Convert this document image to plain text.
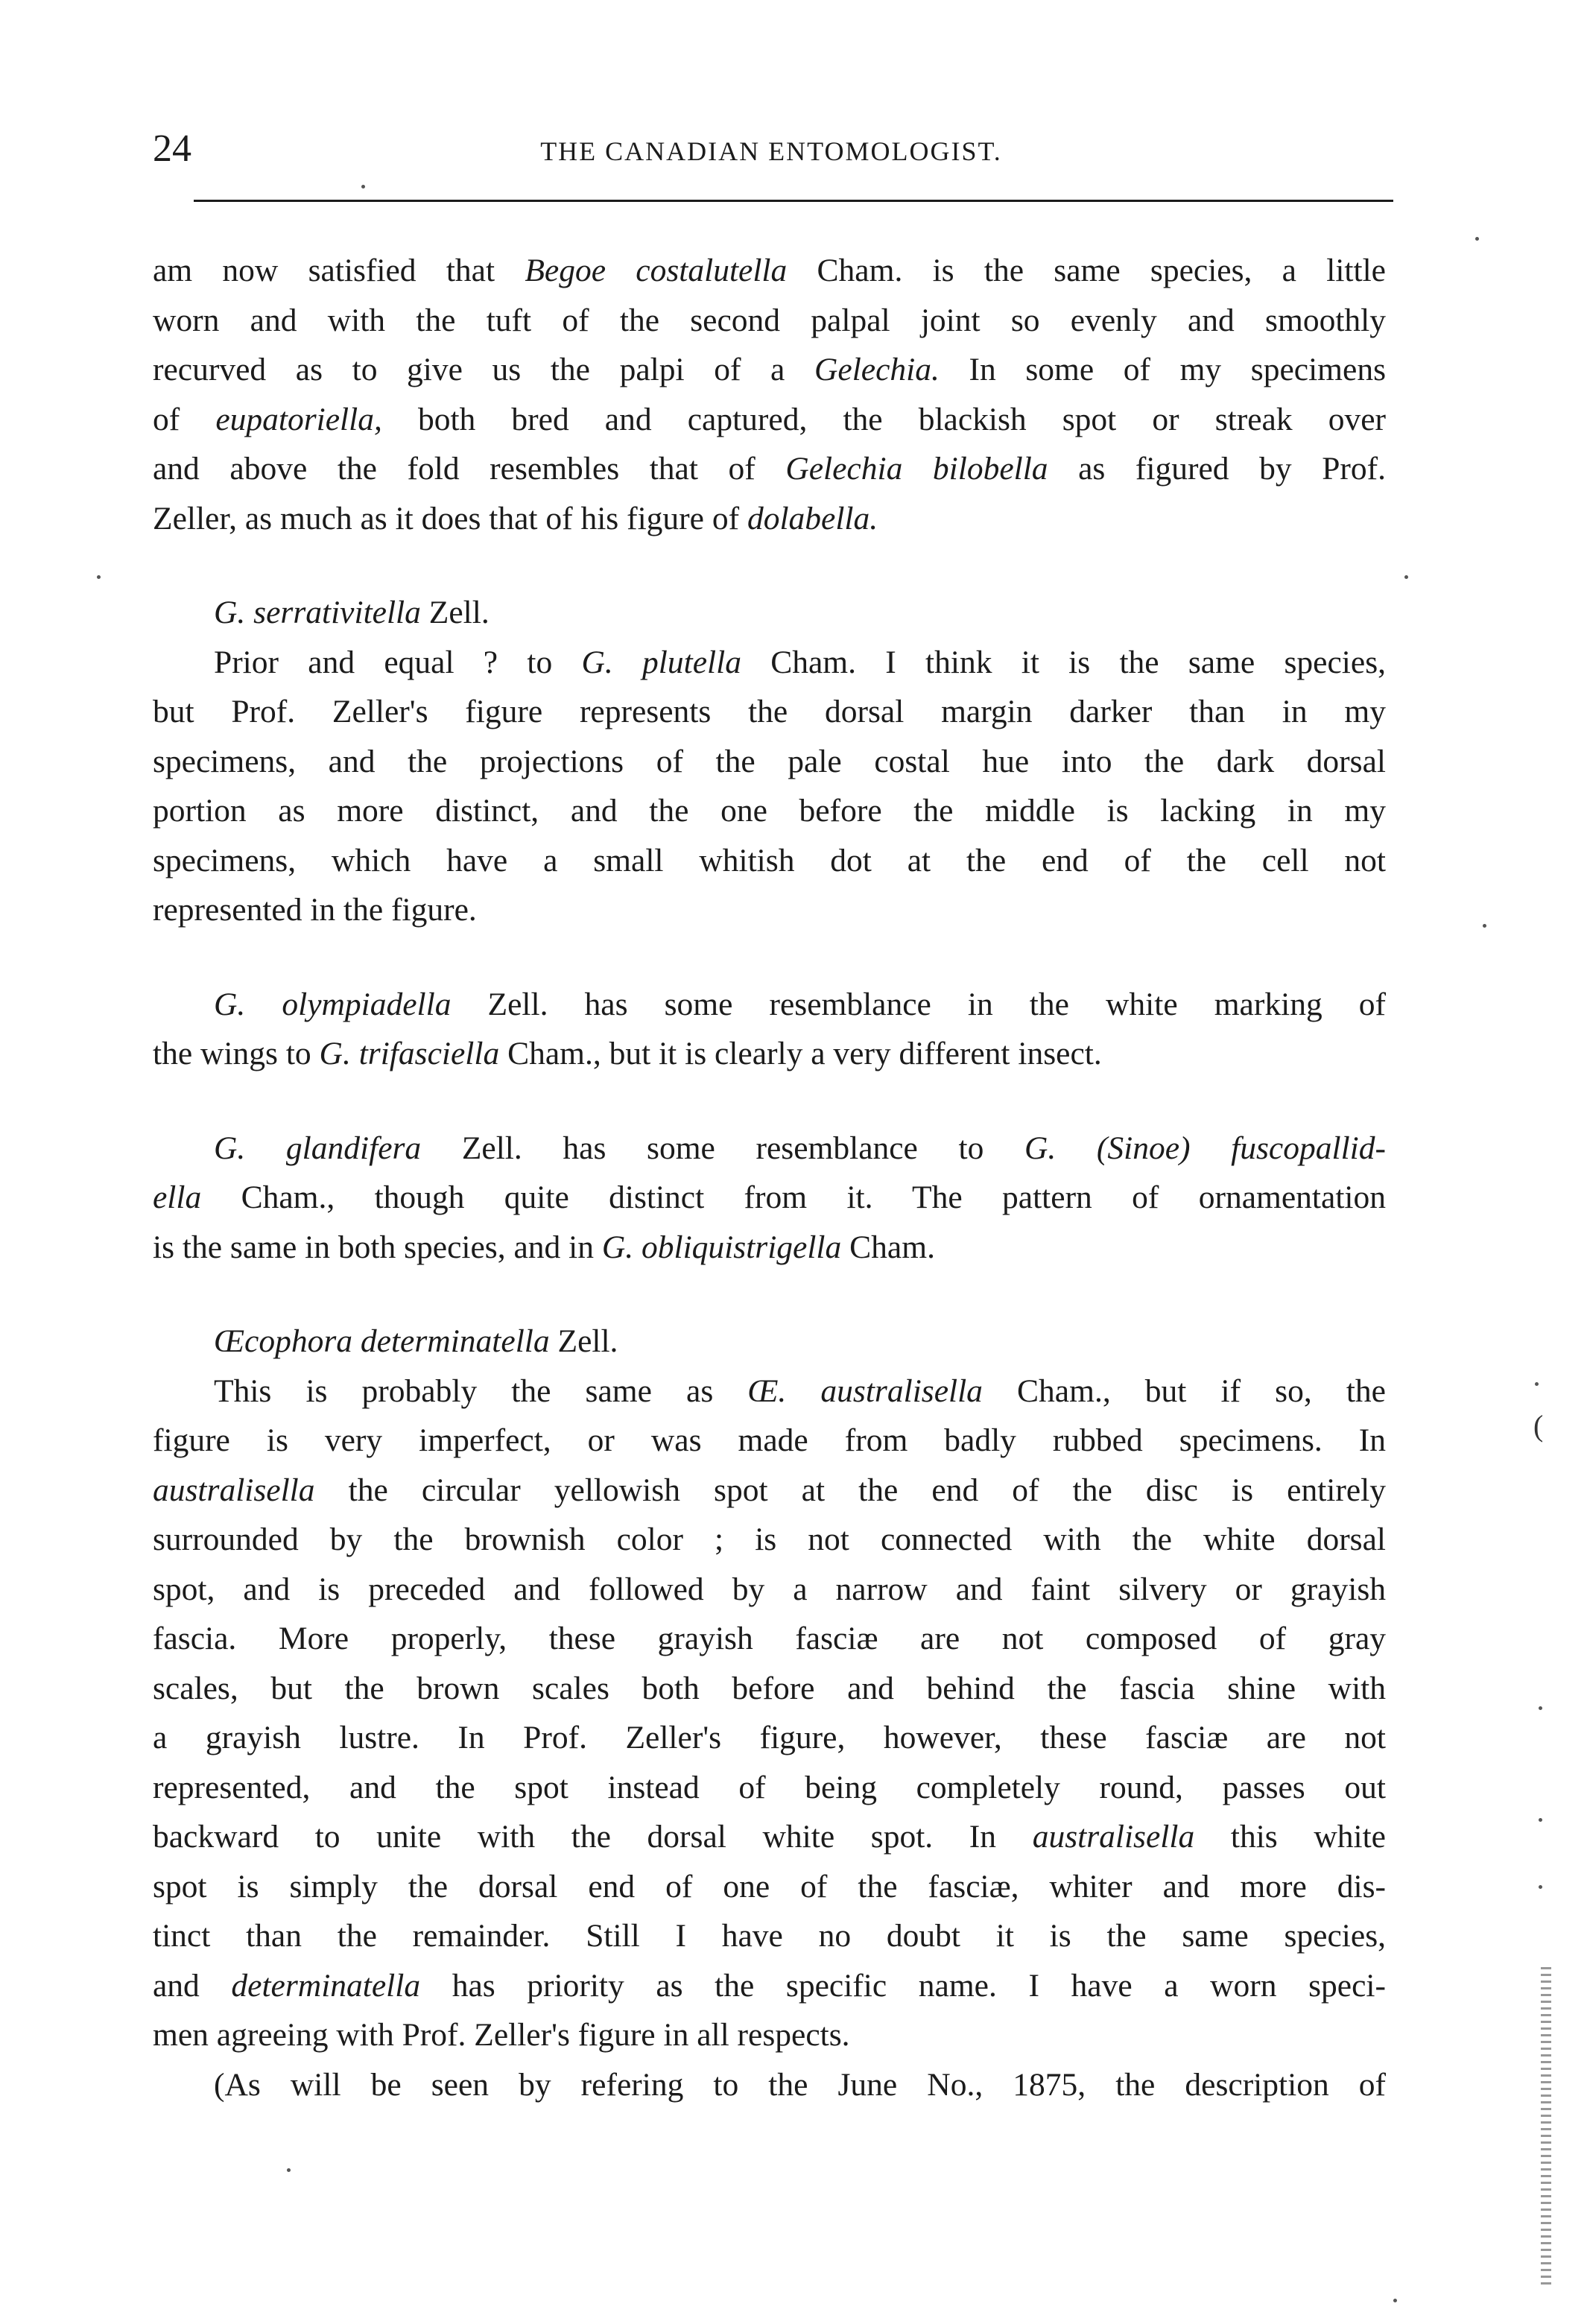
24	THE CANADIAN ENTOMOLOGIST.

am now satisfied that Begoe costalutella Cham. is the same species, a little
worn and with the tuft of the second palpal joint so evenly and smoothly
recurved as to give us the palpi of a Gelechia. In some of my specimens
of eupatoriella, both bred and captured, the blackish spot or streak over
and above the fold resembles that of Gelechia bilobella as figured by Prof.
Zeller, as much as it does that of his figure of dolabella.

G. serrativitella Zell.

Prior and equal ? to G. plutella Cham. I think it is the same species,
but Prof. Zeller's figure represents the dorsal margin darker than in my
specimens, and the projections of the pale costal hue into the dark dorsal
portion as more distinct, and the one before the middle is lacking in my
specimens, which have a small whitish dot at the end of the cell not
represented in the figure.

G. olympiadella Zell. has some resemblance in the white marking of
the wings to G. trifasciella Cham., but it is clearly a very different insect.

G. glandifera Zell. has some resemblance to G. (Sinoe) fuscopallid-
ella Cham., though quite distinct from it. The pattern of ornamentation
is the same in both species, and in G. obliquistrigella Cham.

Œcophora determinatella Zell.

This is probably the same as Œ. australisella Cham., but if so, the
figure is very imperfect, or was made from badly rubbed specimens. In
australisella the circular yellowish spot at the end of the disc is entirely
surrounded by the brownish color ; is not connected with the white dorsal
spot, and is preceded and followed by a narrow and faint silvery or grayish
fascia. More properly, these grayish fasciæ are not composed of gray
scales, but the brown scales both before and behind the fascia shine with
a grayish lustre. In Prof. Zeller's figure, however, these fasciæ are not
represented, and the spot instead of being completely round, passes out
backward to unite with the dorsal white spot. In australisella this white
spot is simply the dorsal end of one of the fasciæ, whiter and more dis-
tinct than the remainder. Still I have no doubt it is the same species,
and determinatella has priority as the specific name. I have a worn speci-
men agreeing with Prof. Zeller's figure in all respects.

(As will be seen by refering to the June No., 1875, the description of

(
